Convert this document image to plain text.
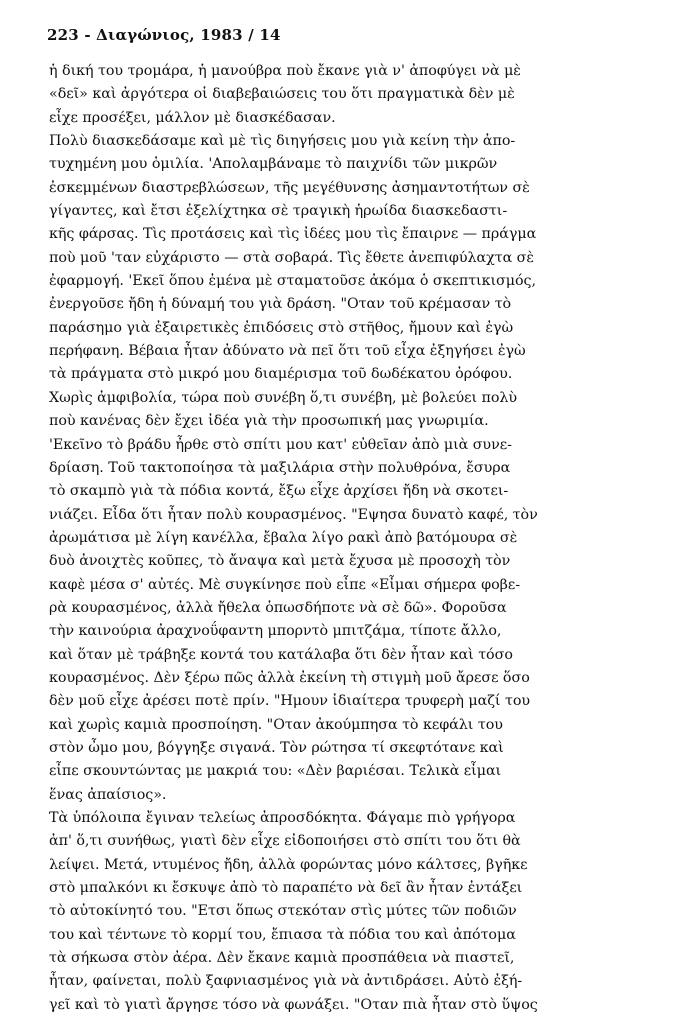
223 - Διαγώνιος, 1983 / 14
ἡ δική του τρομάρα, ἡ μανούβρα ποὺ ἔκανε γιὰ ν' ἀποφύγει νὰ μὲ
«δεῖ» καὶ ἀργότερα οἱ διαβεβαιώσεις του ὅτι πραγματικὰ δὲν μὲ
εἶχε προσέξει, μάλλον μὲ διασκέδασαν.
Πολὺ διασκεδάσαμε καὶ μὲ τὶς διηγήσεις μου γιὰ κείνη τὴν ἀπο-
τυχημένη μου ὁμιλία. 'Απολαμβάναμε τὸ παιχνίδι τῶν μικρῶν
ἐσκεμμένων διαστρεβλώσεων, τῆς μεγέθυνσης ἀσημαντοτήτων σὲ
γίγαντες, καὶ ἔτσι ἐξελίχτηκα σὲ τραγικὴ ἡρωίδα διασκεδαστι-
κῆς φάρσας. Τὶς προτάσεις καὶ τὶς ἰδέες μου τὶς ἔπαιρνε — πράγμα
ποὺ μοῦ 'ταν εὐχάριστο — στὰ σοβαρά. Τὶς ἔθετε ἀνεπιφύλαχτα σὲ
ἐφαρμογή. 'Εκεῖ ὅπου ἐμένα μὲ σταματοῦσε ἀκόμα ὁ σκεπτικισμός,
ἐνεργοῦσε ἤδη ἡ δύναμή του γιὰ δράση. "Οταν τοῦ κρέμασαν τὸ
παράσημο γιὰ ἐξαιρετικὲς ἐπιδόσεις στὸ στῆθος, ἤμουν καὶ ἐγὼ
περήφανη. Βέβαια ἦταν ἀδύνατο νὰ πεῖ ὅτι τοῦ εἶχα ἐξηγήσει ἐγὼ
τὰ πράγματα στὸ μικρό μου διαμέρισμα τοῦ δωδέκατου ὀρόφου.
Χωρὶς ἀμφιβολία, τώρα ποὺ συνέβη ὅ,τι συνέβη, μὲ βολεύει πολὺ
ποὺ κανένας δὲν ἔχει ἰδέα γιὰ τὴν προσωπική μας γνωριμία.
'Εκεῖνο τὸ βράδυ ἦρθε στὸ σπίτι μου κατ' εὐθεῖαν ἀπὸ μιὰ συνε-
δρίαση. Τοῦ τακτοποίησα τὰ μαξιλάρια στὴν πολυθρόνα, ἔσυρα
τὸ σκαμπὸ γιὰ τὰ πόδια κοντά, ἔξω εἶχε ἀρχίσει ἤδη νὰ σκοτει-
νιάζει. Εἶδα ὅτι ἦταν πολὺ κουρασμένος. "Εψησα δυνατὸ καφέ, τὸν
ἀρωμάτισα μὲ λίγη κανέλλα, ἔβαλα λίγο ρακὶ ἀπὸ βατόμουρα σὲ
δυὸ ἀνοιχτὲς κοῦπες, τὸ ἄναψα καὶ μετὰ ἔχυσα μὲ προσοχὴ τὸν
καφὲ μέσα σ' αὐτές. Μὲ συγκίνησε ποὺ εἶπε «Εἶμαι σήμερα φοβε-
ρὰ κουρασμένος, ἀλλὰ ἤθελα ὁπωσδήποτε νὰ σὲ δῶ». Φοροῦσα
τὴν καινούρια ἀραχνοΰφαντη μπορντὸ μπιτζάμα, τίποτε ἄλλο,
καὶ ὅταν μὲ τράβηξε κοντά του κατάλαβα ὅτι δὲν ἦταν καὶ τόσο
κουρασμένος. Δὲν ξέρω πῶς ἀλλὰ ἐκείνη τὴ στιγμὴ μοῦ ἄρεσε ὅσο
δὲν μοῦ εἶχε ἀρέσει ποτὲ πρίν. "Ημουν ἰδιαίτερα τρυφερὴ μαζί του
καὶ χωρὶς καμιὰ προσποίηση. "Οταν ἀκούμπησα τὸ κεφάλι του
στὸν ὦμο μου, βόγγηξε σιγανά. Τὸν ρώτησα τί σκεφτότανε καὶ
εἶπε σκουντώντας με μακριά του: «Δὲν βαριέσαι. Τελικὰ εἶμαι
ἕνας ἀπαίσιος».
Τὰ ὑπόλοιπα ἔγιναν τελείως ἀπροσδόκητα. Φάγαμε πιὸ γρήγορα
ἀπ' ὅ,τι συνήθως, γιατὶ δὲν εἶχε εἰδοποιήσει στὸ σπίτι του ὅτι θὰ
λείψει. Μετά, ντυμένος ἤδη, ἀλλὰ φορώντας μόνο κάλτσες, βγῆκε
στὸ μπαλκόνι κι ἔσκυψε ἀπὸ τὸ παραπέτο νὰ δεῖ ἂν ἦταν ἐντάξει
τὸ αὐτοκίνητό του. "Ετσι ὅπως στεκόταν στὶς μύτες τῶν ποδιῶν
του καὶ τέντωνε τὸ κορμί του, ἔπιασα τὰ πόδια του καὶ ἀπότομα
τὰ σήκωσα στὸν ἀέρα. Δὲν ἔκανε καμιὰ προσπάθεια νὰ πιαστεῖ,
ἦταν, φαίνεται, πολὺ ξαφνιασμένος γιὰ νὰ ἀντιδράσει. Αὐτὸ ἐξή-
γεῖ καὶ τὸ γιατὶ ἄργησε τόσο νὰ φωνάξει. "Οταν πιὰ ἦταν στὸ ὕψος
